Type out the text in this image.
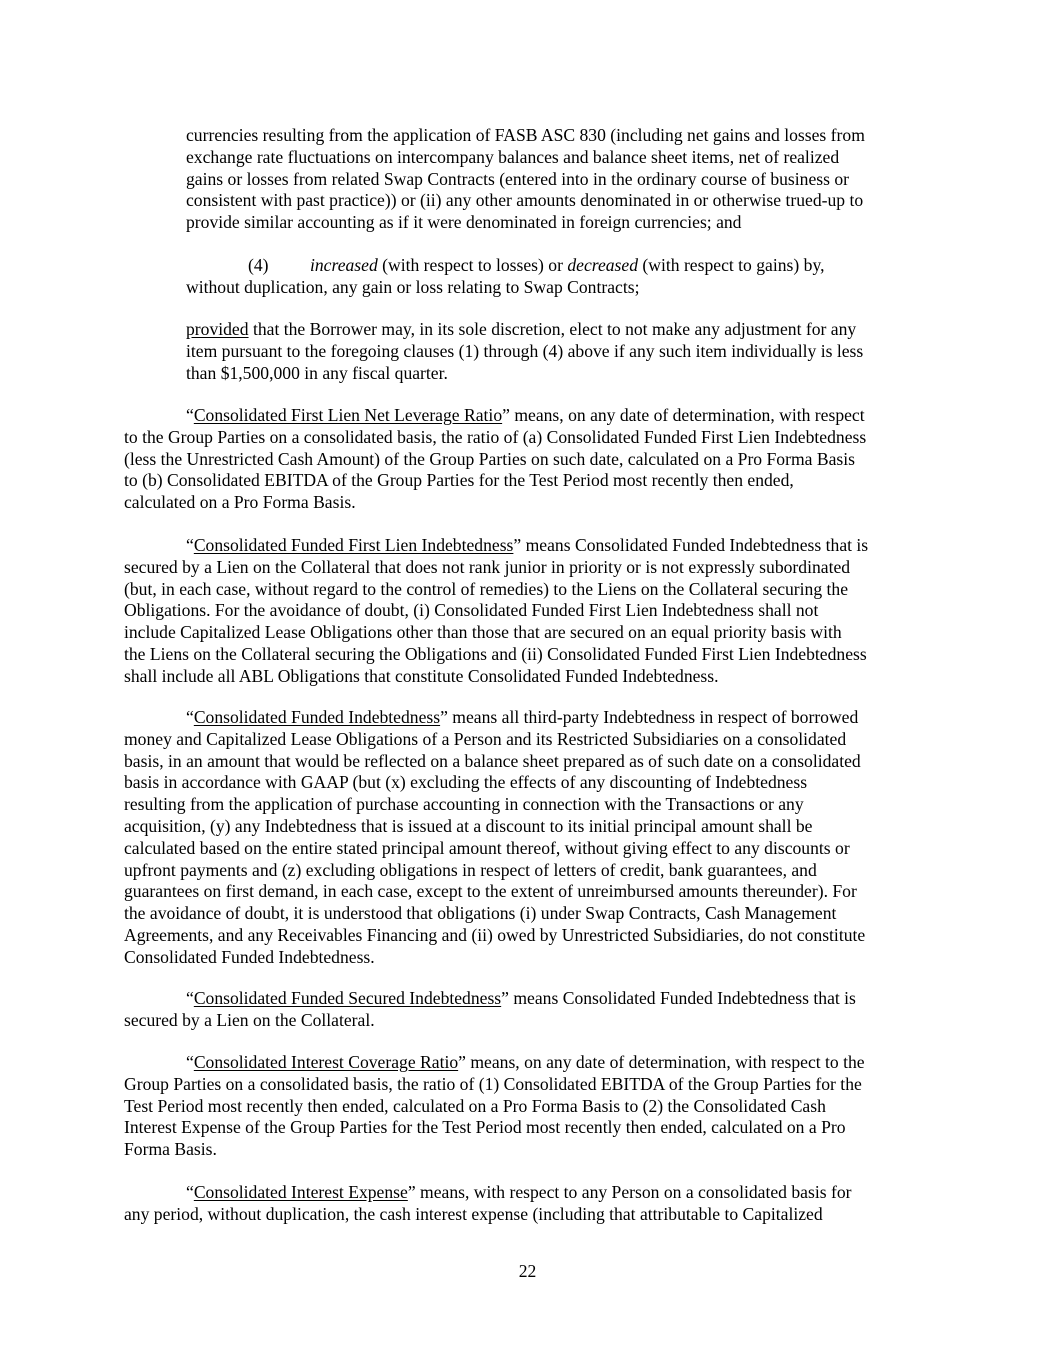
currencies resulting from the application of FASB ASC 830 (including net gains and losses from
exchange rate fluctuations on intercompany balances and balance sheet items, net of realized
gains or losses from related Swap Contracts (entered into in the ordinary course of business or
consistent with past practice)) or (ii) any other amounts denominated in or otherwise trued-up to
provide similar accounting as if it were denominated in foreign currencies; and

(4) increased (with respect to losses) or decreased (with respect to gains) by,
without duplication, any gain or loss relating to Swap Contracts;

provided that the Borrower may, in its sole discretion, elect to not make any adjustment for any
item pursuant to the foregoing clauses (1) through (4) above if any such item individually is less
than $1,500,000 in any fiscal quarter.

“Consolidated First Lien Net Leverage Ratio” means, on any date of determination, with respect
to the Group Parties on a consolidated basis, the ratio of (a) Consolidated Funded First Lien Indebtedness
(less the Unrestricted Cash Amount) of the Group Parties on such date, calculated on a Pro Forma Basis
to (b) Consolidated EBITDA of the Group Parties for the Test Period most recently then ended,
calculated on a Pro Forma Basis.

“Consolidated Funded First Lien Indebtedness” means Consolidated Funded Indebtedness that is
secured by a Lien on the Collateral that does not rank junior in priority or is not expressly subordinated
(but, in each case, without regard to the control of remedies) to the Liens on the Collateral securing the
Obligations. For the avoidance of doubt, (i) Consolidated Funded First Lien Indebtedness shall not
include Capitalized Lease Obligations other than those that are secured on an equal priority basis with
the Liens on the Collateral securing the Obligations and (ii) Consolidated Funded First Lien Indebtedness
shall include all ABL Obligations that constitute Consolidated Funded Indebtedness.

“Consolidated Funded Indebtedness” means all third-party Indebtedness in respect of borrowed
money and Capitalized Lease Obligations of a Person and its Restricted Subsidiaries on a consolidated
basis, in an amount that would be reflected on a balance sheet prepared as of such date on a consolidated
basis in accordance with GAAP (but (x) excluding the effects of any discounting of Indebtedness
resulting from the application of purchase accounting in connection with the Transactions or any
acquisition, (y) any Indebtedness that is issued at a discount to its initial principal amount shall be
calculated based on the entire stated principal amount thereof, without giving effect to any discounts or
upfront payments and (z) excluding obligations in respect of letters of credit, bank guarantees, and
guarantees on first demand, in each case, except to the extent of unreimbursed amounts thereunder). For
the avoidance of doubt, it is understood that obligations (i) under Swap Contracts, Cash Management
Agreements, and any Receivables Financing and (ii) owed by Unrestricted Subsidiaries, do not constitute
Consolidated Funded Indebtedness.

“Consolidated Funded Secured Indebtedness” means Consolidated Funded Indebtedness that is
secured by a Lien on the Collateral.

“Consolidated Interest Coverage Ratio” means, on any date of determination, with respect to the
Group Parties on a consolidated basis, the ratio of (1) Consolidated EBITDA of the Group Parties for the
Test Period most recently then ended, calculated on a Pro Forma Basis to (2) the Consolidated Cash
Interest Expense of the Group Parties for the Test Period most recently then ended, calculated on a Pro
Forma Basis.

“Consolidated Interest Expense” means, with respect to any Person on a consolidated basis for
any period, without duplication, the cash interest expense (including that attributable to Capitalized

22
